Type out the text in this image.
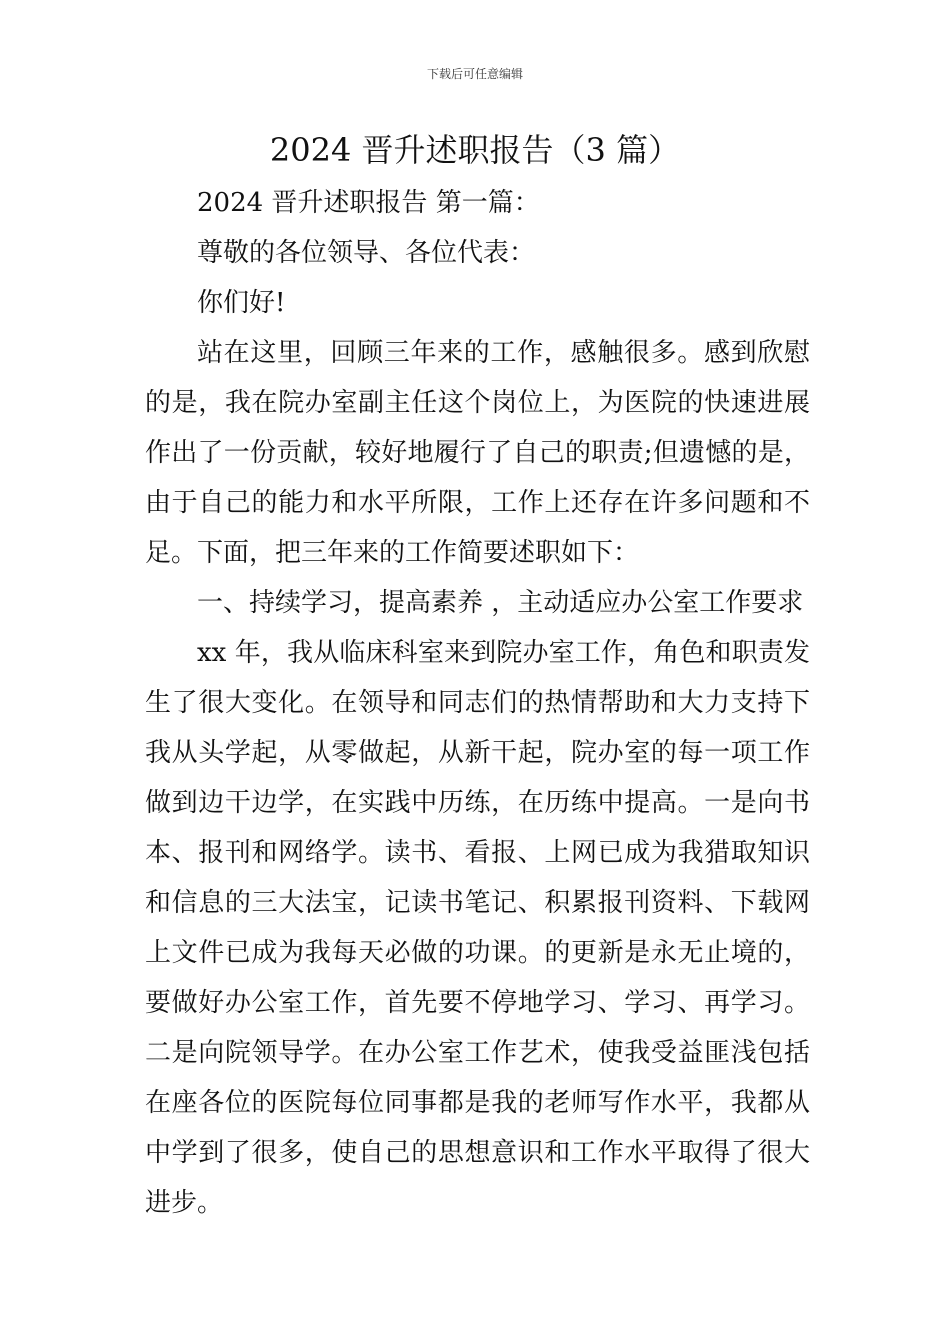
下载后可任意编辑
2024 晋升述职报告（3 篇）

2024 晋升述职报告 第一篇：

尊敬的各位领导、各位代表：

你们好!

站在这里，回顾三年来的工作，感触很多。感到欣慰的是，我在院办室副主任这个岗位上，为医院的快速进展作出了一份贡献，较好地履行了自己的职责;但遗憾的是，由于自己的能力和水平所限，工作上还存在许多问题和不足。下面，把三年来的工作简要述职如下：

一、持续学习，提高素养 ，主动适应办公室工作要求

xx 年，我从临床科室来到院办室工作，角色和职责发生了很大变化。在领导和同志们的热情帮助和大力支持下我从头学起，从零做起，从新干起，院办室的每一项工作做到边干边学，在实践中历练，在历练中提高。一是向书本、报刊和网络学。读书、看报、上网已成为我猎取知识和信息的三大法宝，记读书笔记、积累报刊资料、下载网上文件已成为我每天必做的功课。的更新是永无止境的，要做好办公室工作，首先要不停地学习、学习、再学习。二是向院领导学。在办公室工作艺术，使我受益匪浅包括在座各位的医院每位同事都是我的老师写作水平，我都从中学到了很多，使自己的思想意识和工作水平取得了很大进步。
